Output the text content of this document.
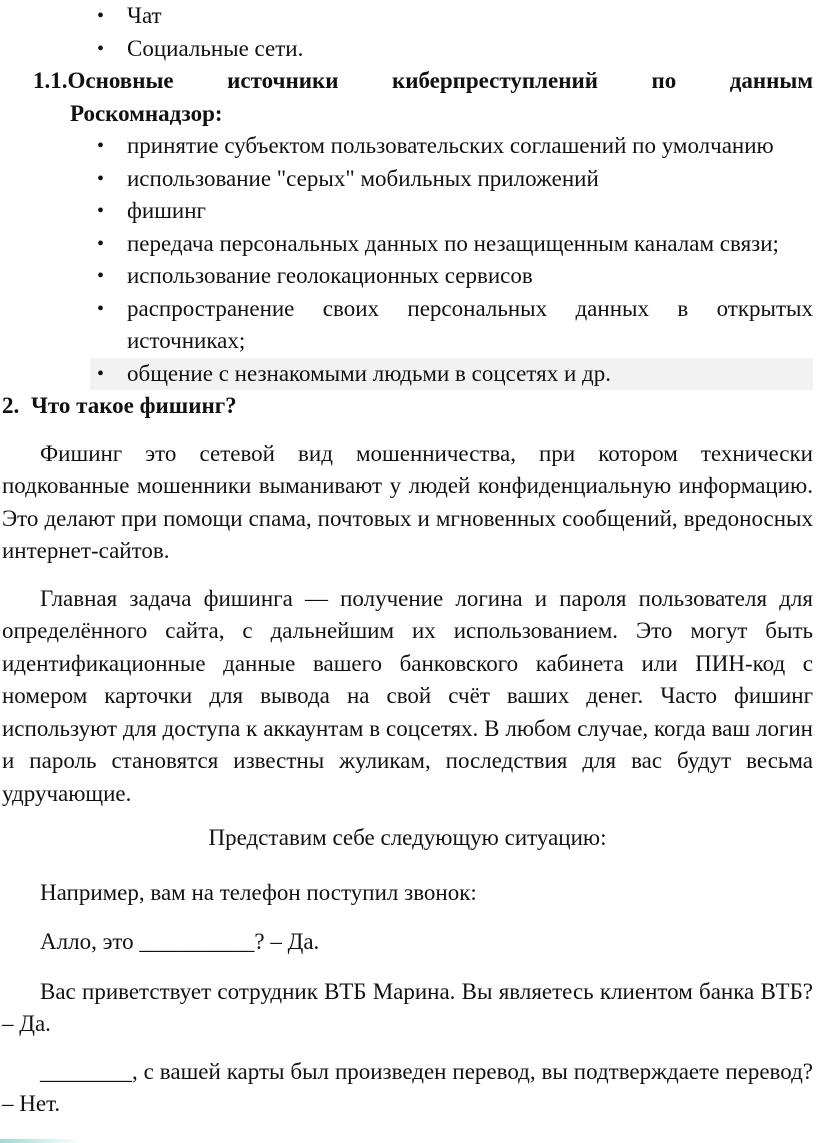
• Чат
• Социальные сети.
1.1.Основные источники киберпреступлений по данным
Роскомнадзор:
• принятие субъектом пользовательских соглашений по умолчанию
• использование "серых" мобильных приложений
• фишинг
• передача персональных данных по незащищенным каналам связи;
• использование геолокационных сервисов
• распространение своих персональных данных в открытых источниках;
• общение с незнакомыми людьми в соцсетях и др.
2. Что такое фишинг?

Фишинг это сетевой вид мошенничества, при котором технически подкованные мошенники выманивают у людей конфиденциальную информацию. Это делают при помощи спама, почтовых и мгновенных сообщений, вредоносных интернет-сайтов.

Главная задача фишинга — получение логина и пароля пользователя для определённого сайта, с дальнейшим их использованием. Это могут быть идентификационные данные вашего банковского кабинета или ПИН-код с номером карточки для вывода на свой счёт ваших денег. Часто фишинг используют для доступа к аккаунтам в соцсетях. В любом случае, когда ваш логин и пароль становятся известны жуликам, последствия для вас будут весьма удручающие.

Представим себе следующую ситуацию:

Например, вам на телефон поступил звонок:

Алло, это __________? – Да.

Вас приветствует сотрудник ВТБ Марина. Вы являетесь клиентом банка ВТБ? – Да.

________, с вашей карты был произведен перевод, вы подтверждаете перевод? – Нет.
